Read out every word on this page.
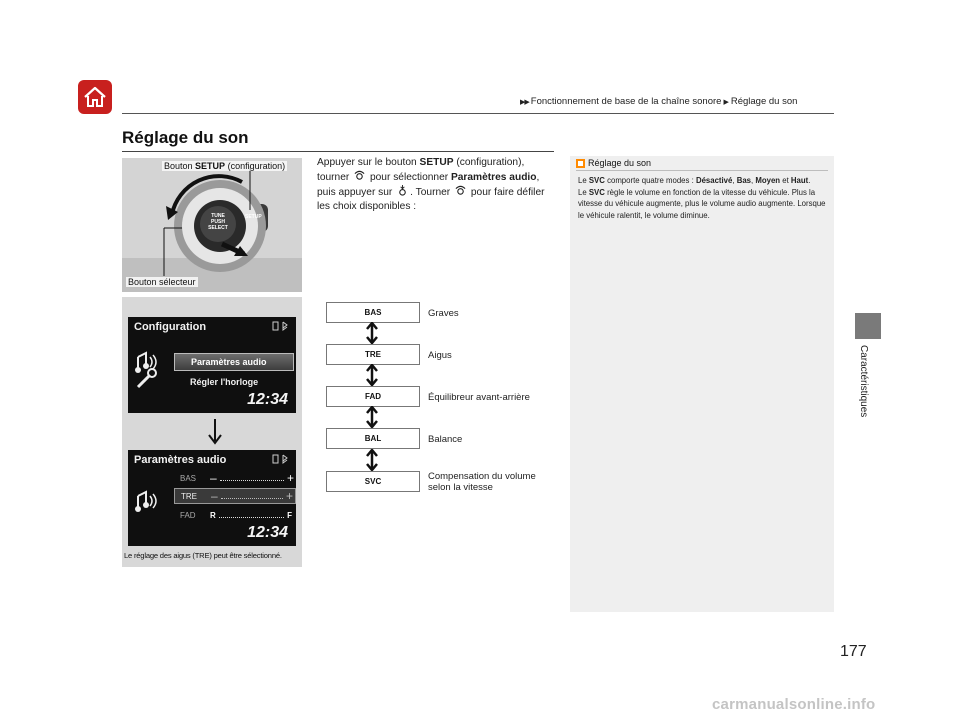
▶▶ Fonctionnement de base de la chaîne sonore ▶ Réglage du son
Réglage du son
Caractéristiques
Bouton SETUP (configuration)
Bouton sélecteur
TUNE PUSH SELECT
SETUP
Configuration
Paramètres audio
Régler l'horloge
12:34
Paramètres audio
BAS	–	+
TRE	–	+
FAD	R	F
12:34
Le réglage des aigus (TRE) peut être sélectionné.
Appuyer sur le bouton SETUP (configuration), tourner pour sélectionner Paramètres audio, puis appuyer sur . Tourner pour faire défiler les choix disponibles :
BAS	Graves
TRE	Aigus
FAD	Équilibreur avant-arrière
BAL	Balance
SVC	Compensation du volume
selon la vitesse
Réglage du son
Le SVC comporte quatre modes : Désactivé, Bas, Moyen et Haut.
Le SVC règle le volume en fonction de la vitesse du véhicule. Plus la vitesse du véhicule augmente, plus le volume audio augmente. Lorsque le véhicule ralentit, le volume diminue.
177
carmanualsonline.info
